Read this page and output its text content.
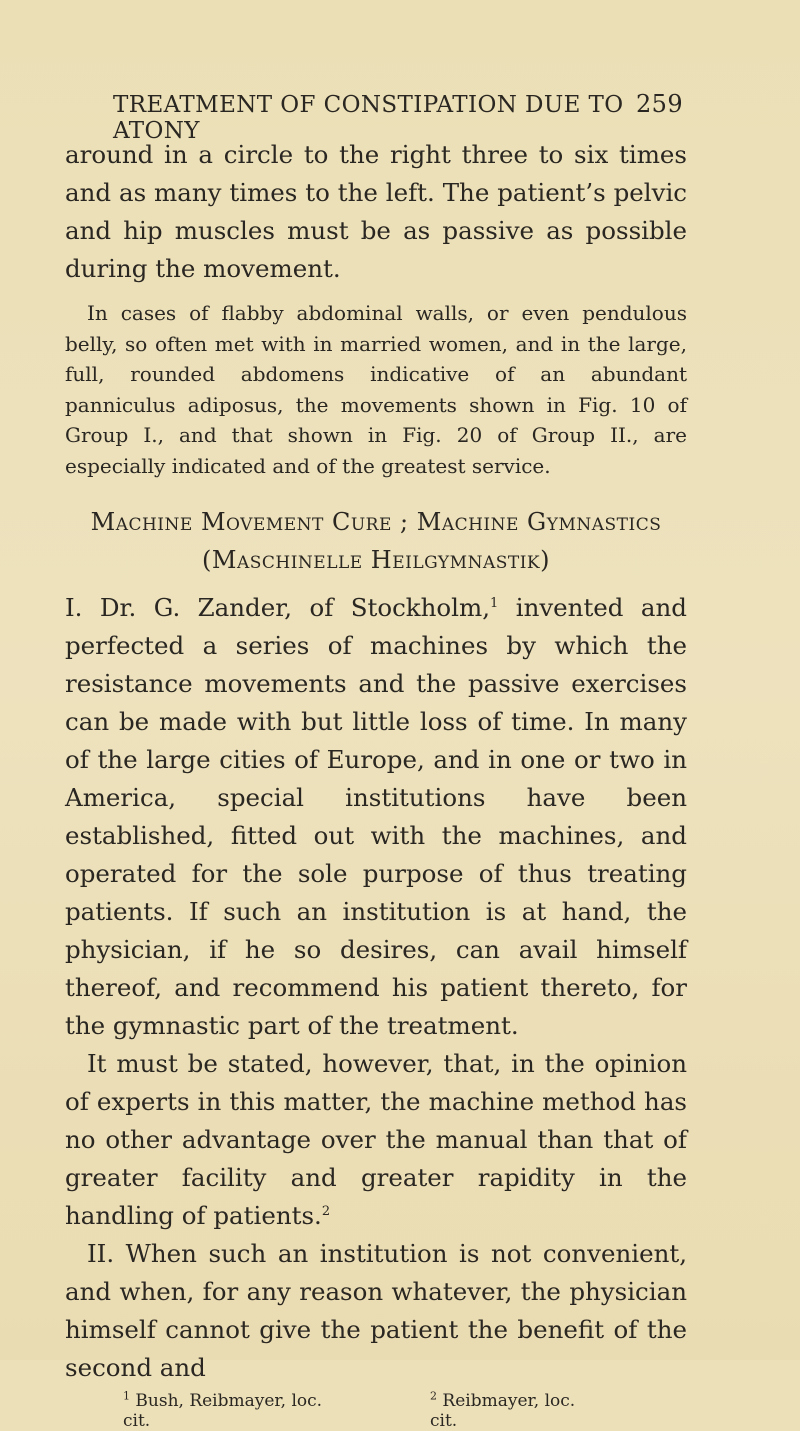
TREATMENT OF CONSTIPATION DUE TO ATONY
259

around in a circle to the right three to six times and as many times to the left. The patient’s pelvic and hip muscles must be as passive as possible during the movement.

In cases of flabby abdominal walls, or even pendulous belly, so often met with in married women, and in the large, full, rounded abdomens indicative of an abundant panniculus adiposus, the movements shown in Fig. 10 of Group I., and that shown in Fig. 20 of Group II., are especially indicated and of the greatest service.

Machine Movement Cure ; Machine Gymnastics
(Maschinelle Heilgymnastik)

I. Dr. G. Zander, of Stockholm,$^1$ invented and perfected a series of machines by which the resistance movements and the passive exercises can be made with but little loss of time. In many of the large cities of Europe, and in one or two in America, special institutions have been established, fitted out with the machines, and operated for the sole purpose of thus treating patients. If such an institution is at hand, the physician, if he so desires, can avail himself thereof, and recommend his patient thereto, for the gymnastic part of the treatment.

It must be stated, however, that, in the opinion of experts in this matter, the machine method has no other advantage over the manual than that of greater facility and greater rapidity in the handling of patients.$^2$

II. When such an institution is not convenient, and when, for any reason whatever, the physician himself cannot give the patient the benefit of the second and

$^1$ Bush, Reibmayer, loc. cit.
$^2$ Reibmayer, loc. cit.
